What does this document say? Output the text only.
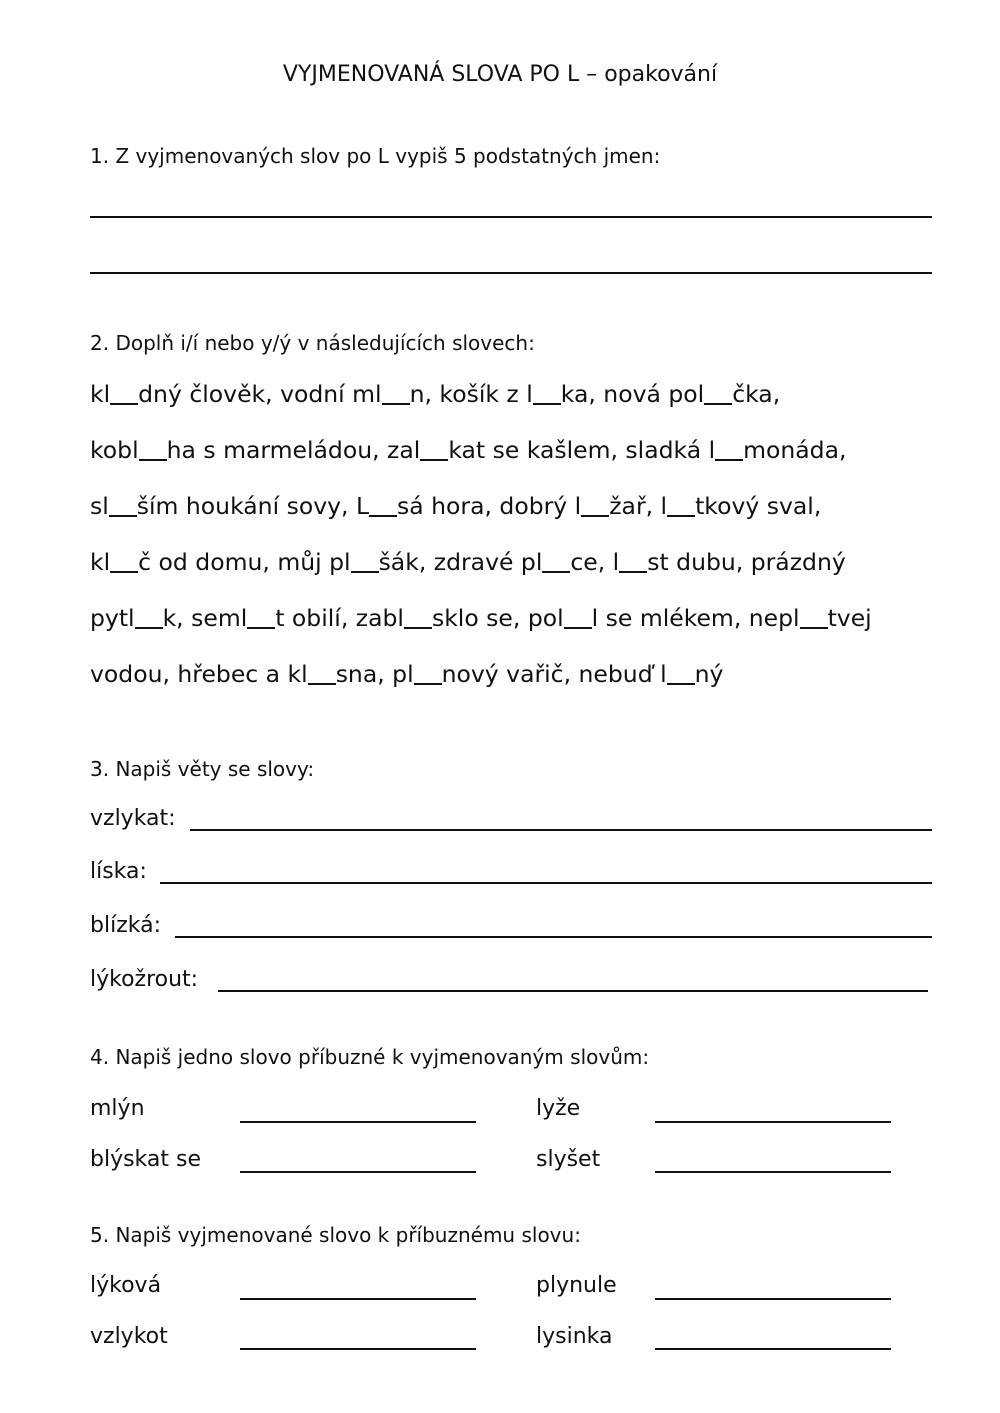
VYJMENOVANÁ SLOVA PO L – opakování
1. Z vyjmenovaných slov po L vypiš 5 podstatných jmen:
2. Doplň i/í nebo y/ý v následujících slovech:
kl dný člověk, vodní ml n, košík z l ka, nová pol čka,
kobl ha s marmeládou, zal kat se kašlem, sladká l monáda,
sl ším houkání sovy, L sá hora, dobrý l žař, l tkový sval,
kl č od domu, můj pl šák, zdravé pl ce, l st dubu, prázdný
pytl k, seml t obilí, zabl sklo se, pol l se mlékem, nepl tvej
vodou, hřebec a kl sna, pl nový vařič, nebuď l ný
3. Napiš věty se slovy:
vzlykat:
líska:
blízká:
lýkožrout:
4. Napiš jedno slovo příbuzné k vyjmenovaným slovům:
mlýn	lyže
blýskat se	slyšet
5. Napiš vyjmenované slovo k příbuznému slovu:
lýková	plynule
vzlykot	lysinka
